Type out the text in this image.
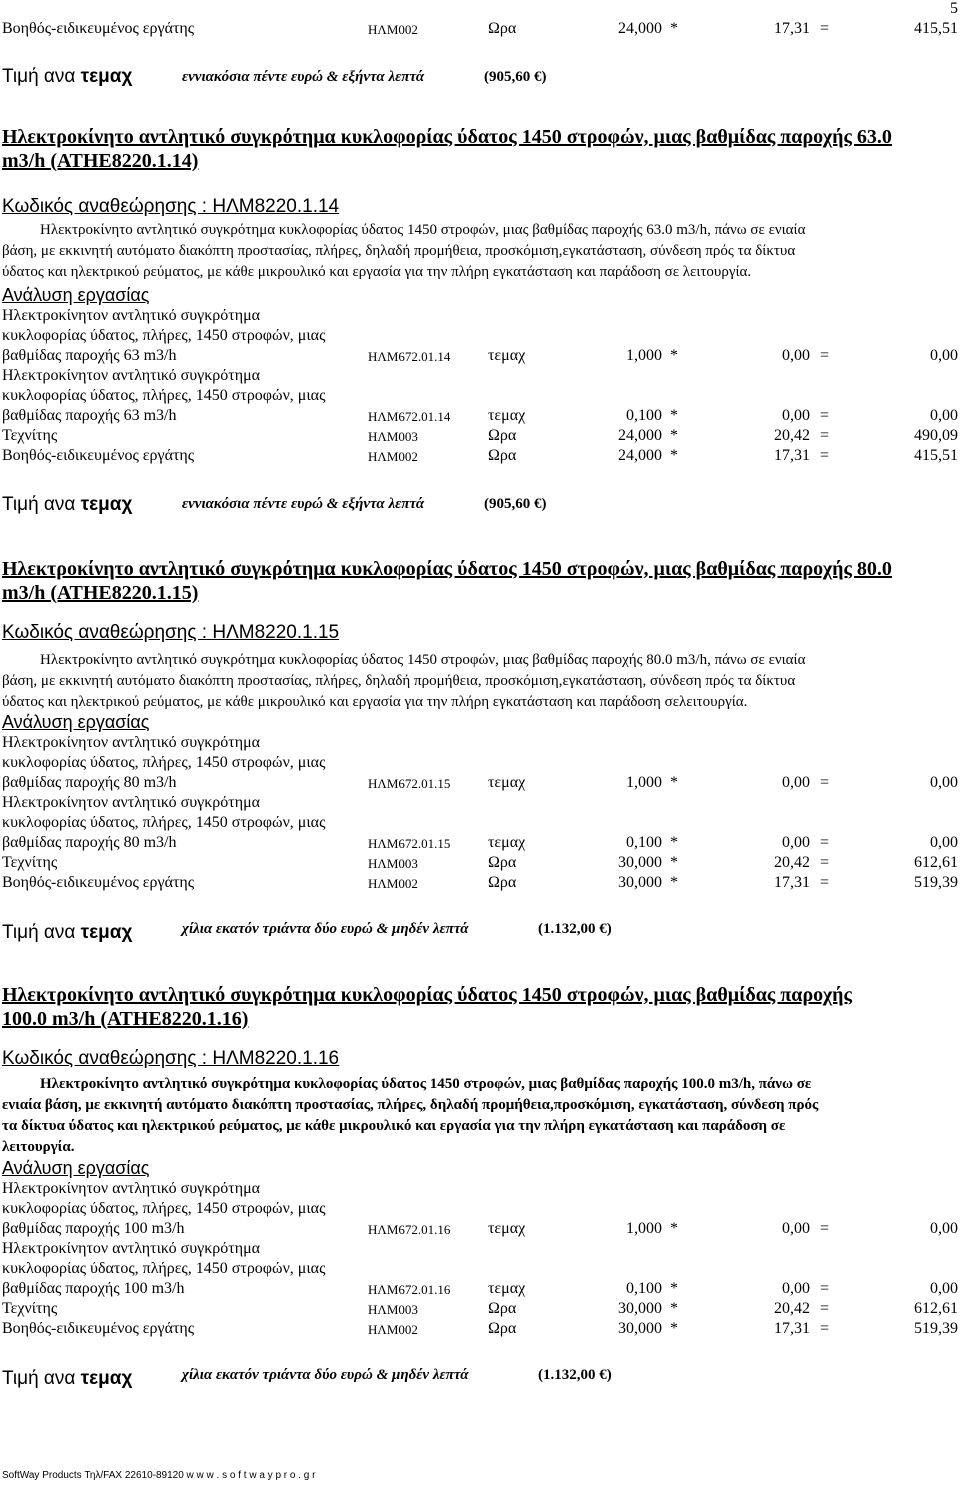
5
Βοηθός-ειδικευμένος εργάτης	ΗΛΜ002	Ωρα	24,000 *	17,31 =	415,51
Τιμή ανα τεμαχ	εννιακόσια πέντε ευρώ & εξήντα λεπτά	(905,60 €)
Ηλεκτροκίνητο αντλητικό συγκρότημα κυκλοφορίας ύδατος 1450 στροφών, μιας βαθμίδας παροχής 63.0
m3/h (ΑΤΗΕ8220.1.14)
Κωδικός αναθεώρησης : ΗΛΜ8220.1.14
Ηλεκτροκίνητο αντλητικό συγκρότημα κυκλοφορίας ύδατος 1450 στροφών, μιας βαθμίδας παροχής 63.0 m3/h, πάνω σε ενιαία
βάση, με εκκινητή αυτόματο διακόπτη προστασίας, πλήρες, δηλαδή προμήθεια, προσκόμιση,εγκατάσταση, σύνδεση πρός τα δίκτυα
ύδατος και ηλεκτρικού ρεύματος, με κάθε μικρουλικό και εργασία για την πλήρη εγκατάσταση και παράδοση σε λειτουργία.
Ανάλυση εργασίας
Ηλεκτροκίνητον αντλητικό συγκρότημα
κυκλοφορίας ύδατος, πλήρες, 1450 στροφών, μιας
βαθμίδας παροχής 63 m3/h	ΗΛΜ672.01.14 τεμαχ	1,000 *	0,00 =	0,00
Ηλεκτροκίνητον αντλητικό συγκρότημα
κυκλοφορίας ύδατος, πλήρες, 1450 στροφών, μιας
βαθμίδας παροχής 63 m3/h	ΗΛΜ672.01.14 τεμαχ	0,100 *	0,00 =	0,00
Τεχνίτης	ΗΛΜ003	Ωρα	24,000 *	20,42 =	490,09
Βοηθός-ειδικευμένος εργάτης	ΗΛΜ002	Ωρα	24,000 *	17,31 =	415,51
Τιμή ανα τεμαχ	εννιακόσια πέντε ευρώ & εξήντα λεπτά	(905,60 €)
Ηλεκτροκίνητο αντλητικό συγκρότημα κυκλοφορίας ύδατος 1450 στροφών, μιας βαθμίδας παροχής 80.0
m3/h (ΑΤΗΕ8220.1.15)
Κωδικός αναθεώρησης : ΗΛΜ8220.1.15
Ηλεκτροκίνητο αντλητικό συγκρότημα κυκλοφορίας ύδατος 1450 στροφών, μιας βαθμίδας παροχής 80.0 m3/h, πάνω σε ενιαία
βάση, με εκκινητή αυτόματο διακόπτη προστασίας, πλήρες, δηλαδή προμήθεια, προσκόμιση,εγκατάσταση, σύνδεση πρός τα δίκτυα
ύδατος και ηλεκτρικού ρεύματος, με κάθε μικρουλικό και εργασία για την πλήρη εγκατάσταση και παράδοση σελειτουργία.
Ανάλυση εργασίας
Ηλεκτροκίνητον αντλητικό συγκρότημα
κυκλοφορίας ύδατος, πλήρες, 1450 στροφών, μιας
βαθμίδας παροχής 80 m3/h	ΗΛΜ672.01.15 τεμαχ	1,000 *	0,00 =	0,00
Ηλεκτροκίνητον αντλητικό συγκρότημα
κυκλοφορίας ύδατος, πλήρες, 1450 στροφών, μιας
βαθμίδας παροχής 80 m3/h	ΗΛΜ672.01.15 τεμαχ	0,100 *	0,00 =	0,00
Τεχνίτης	ΗΛΜ003	Ωρα	30,000 *	20,42 =	612,61
Βοηθός-ειδικευμένος εργάτης	ΗΛΜ002	Ωρα	30,000 *	17,31 =	519,39
Τιμή ανα τεμαχ	χίλια εκατόν τριάντα δύο ευρώ & μηδέν λεπτά	(1.132,00 €)
Ηλεκτροκίνητο αντλητικό συγκρότημα κυκλοφορίας ύδατος 1450 στροφών, μιας βαθμίδας παροχής
100.0 m3/h (ΑΤΗΕ8220.1.16)
Κωδικός αναθεώρησης : ΗΛΜ8220.1.16
Ηλεκτροκίνητο αντλητικό συγκρότημα κυκλοφορίας ύδατος 1450 στροφών, μιας βαθμίδας παροχής 100.0 m3/h, πάνω σε
ενιαία βάση, με εκκινητή αυτόματο διακόπτη προστασίας, πλήρες, δηλαδή προμήθεια,προσκόμιση, εγκατάσταση, σύνδεση πρός
τα δίκτυα ύδατος και ηλεκτρικού ρεύματος, με κάθε μικρουλικό και εργασία για την πλήρη εγκατάσταση και παράδοση σε
λειτουργία.
Ανάλυση εργασίας
Ηλεκτροκίνητον αντλητικό συγκρότημα
κυκλοφορίας ύδατος, πλήρες, 1450 στροφών, μιας
βαθμίδας παροχής 100 m3/h	ΗΛΜ672.01.16 τεμαχ	1,000 *	0,00 =	0,00
Ηλεκτροκίνητον αντλητικό συγκρότημα
κυκλοφορίας ύδατος, πλήρες, 1450 στροφών, μιας
βαθμίδας παροχής 100 m3/h	ΗΛΜ672.01.16 τεμαχ	0,100 *	0,00 =	0,00
Τεχνίτης	ΗΛΜ003	Ωρα	30,000 *	20,42 =	612,61
Βοηθός-ειδικευμένος εργάτης	ΗΛΜ002	Ωρα	30,000 *	17,31 =	519,39
Τιμή ανα τεμαχ	χίλια εκατόν τριάντα δύο ευρώ & μηδέν λεπτά	(1.132,00 €)
SoftWay Products Τηλ/FAX 22610-89120 w w w . s o f t w a y p r o . g r
